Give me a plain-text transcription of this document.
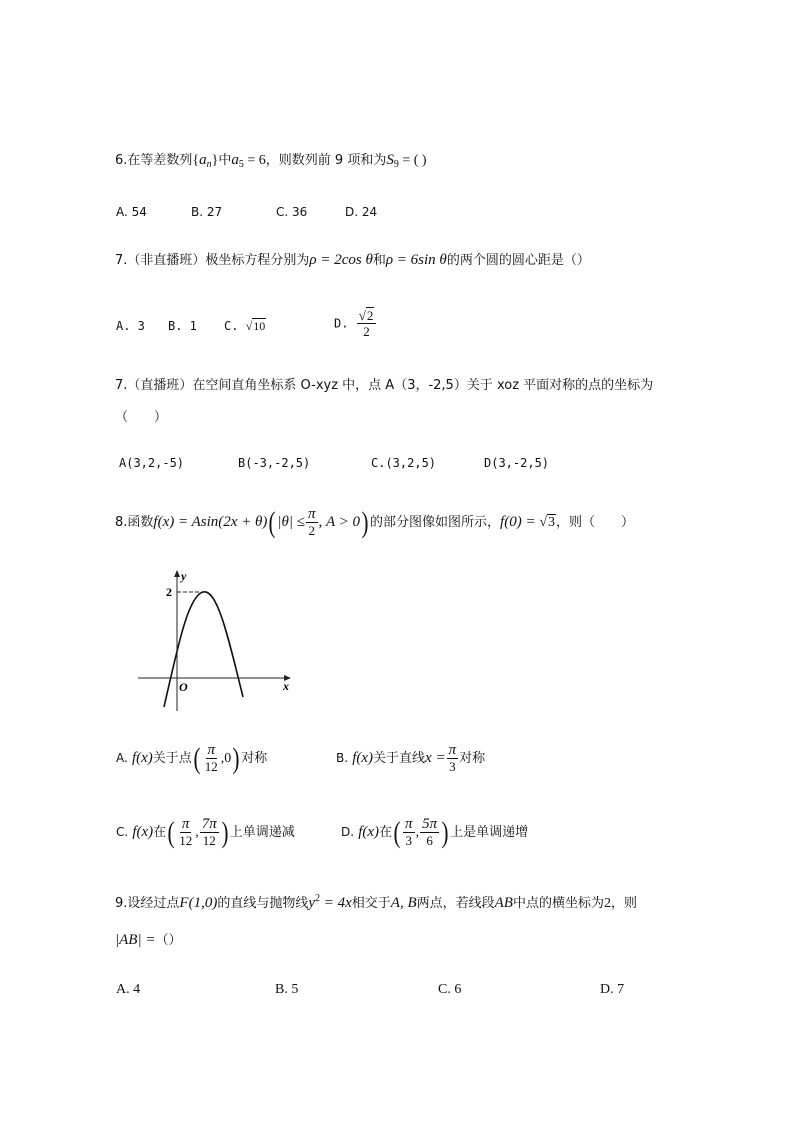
6.在等差数列$\{a_n\}$中$a_5 = 6$，则数列前 9 项和为$S_9$ = ( )
A. 54	B. 27	C. 36	D. 24
7.（非直播班）极坐标方程分别为ρ = 2cos θ和ρ = 6sin θ的两个圆的圆心距是（）
A. 3 B. 1 C. √10	D. $\frac{√2}{2}$
7.（直播班）在空间直角坐标系 O-xyz 中，点 A（3，-2,5）关于 xoz 平面对称的点的坐标为
（　　）
A(3,2,-5)	B(-3,-2,5)	C.(3,2,5)	D(3,-2,5)
8.函数f(x) = Asin(2x + θ)( $|\theta| \le \frac{\pi}{2}$ , A > 0) 的部分图像如图所示，f(0) = √3，则（　　）
y
x
O
2
A. f(x)关于点( $\frac{\pi}{12} ,0$) 对称	B. f(x)关于直线$x = \frac{\pi}{3}$ 对称
C. f(x)在( $\frac{\pi}{12}$ , $\frac{7\pi}{12}$ ) 上单调递减	D. f(x)在( $\frac{\pi}{3}$ , $\frac{5\pi}{6}$ ) 上是单调递增
9.设经过点F(1,0)的直线与抛物线$y^2 = 4x$相交于A, B两点，若线段AB中点的横坐标为2，则
|AB| =（）
A. 4	B. 5	C. 6	D. 7
